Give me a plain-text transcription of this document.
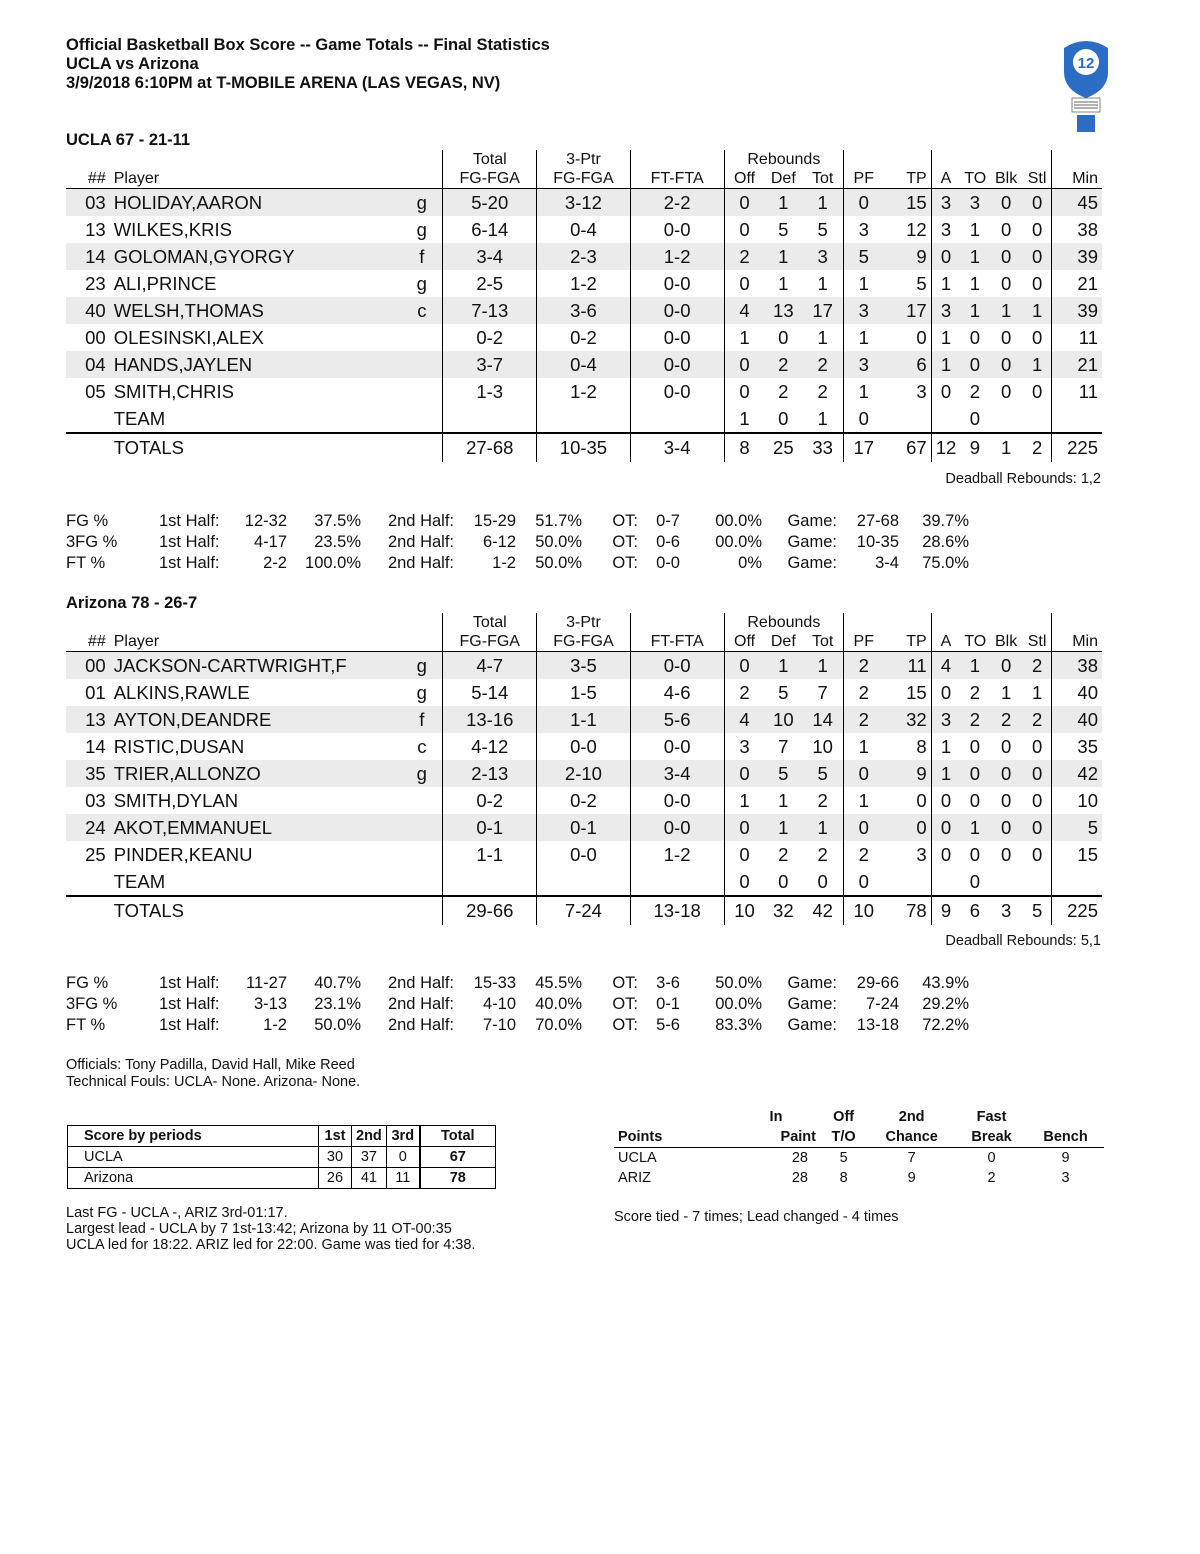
Official Basketball Box Score -- Game Totals -- Final Statistics
UCLA vs Arizona
3/9/2018 6:10PM at T-MOBILE ARENA (LAS VEGAS, NV)
12
UCLA 67 - 21-11
			Total	3-Ptr		Rebounds									
##	Player		FG-FGA	FG-FGA	FT-FTA	Off	Def	Tot	PF	TP	A	TO	Blk	Stl	Min
03	HOLIDAY,AARON	g	5-20	3-12	2-2	0	1	1	0	15	3	3	0	0	45
13	WILKES,KRIS	g	6-14	0-4	0-0	0	5	5	3	12	3	1	0	0	38
14	GOLOMAN,GYORGY	f	3-4	2-3	1-2	2	1	3	5	9	0	1	0	0	39
23	ALI,PRINCE	g	2-5	1-2	0-0	0	1	1	1	5	1	1	0	0	21
40	WELSH,THOMAS	c	7-13	3-6	0-0	4	13	17	3	17	3	1	1	1	39
00	OLESINSKI,ALEX		0-2	0-2	0-0	1	0	1	1	0	1	0	0	0	11
04	HANDS,JAYLEN		3-7	0-4	0-0	0	2	2	3	6	1	0	0	1	21
05	SMITH,CHRIS		1-3	1-2	0-0	0	2	2	1	3	0	2	0	0	11
	TEAM					1	0	1	0			0			
	TOTALS		27-68	10-35	3-4	8	25	33	17	67	12	9	1	2	225
Deadball Rebounds: 1,2
FG %	1st Half:	12-32	37.5%	2nd Half:	15-29	51.7%	OT:	0-7	00.0%	Game:	27-68	39.7%
3FG %	1st Half:	4-17	23.5%	2nd Half:	6-12	50.0%	OT:	0-6	00.0%	Game:	10-35	28.6%
FT %	1st Half:	2-2	100.0%	2nd Half:	1-2	50.0%	OT:	0-0	0%	Game:	3-4	75.0%
Arizona 78 - 26-7
			Total	3-Ptr		Rebounds									
##	Player		FG-FGA	FG-FGA	FT-FTA	Off	Def	Tot	PF	TP	A	TO	Blk	Stl	Min
00	JACKSON-CARTWRIGHT,F	g	4-7	3-5	0-0	0	1	1	2	11	4	1	0	2	38
01	ALKINS,RAWLE	g	5-14	1-5	4-6	2	5	7	2	15	0	2	1	1	40
13	AYTON,DEANDRE	f	13-16	1-1	5-6	4	10	14	2	32	3	2	2	2	40
14	RISTIC,DUSAN	c	4-12	0-0	0-0	3	7	10	1	8	1	0	0	0	35
35	TRIER,ALLONZO	g	2-13	2-10	3-4	0	5	5	0	9	1	0	0	0	42
03	SMITH,DYLAN		0-2	0-2	0-0	1	1	2	1	0	0	0	0	0	10
24	AKOT,EMMANUEL		0-1	0-1	0-0	0	1	1	0	0	0	1	0	0	5
25	PINDER,KEANU		1-1	0-0	1-2	0	2	2	2	3	0	0	0	0	15
	TEAM					0	0	0	0			0			
	TOTALS		29-66	7-24	13-18	10	32	42	10	78	9	6	3	5	225
Deadball Rebounds: 5,1
FG %	1st Half:	11-27	40.7%	2nd Half:	15-33	45.5%	OT:	3-6	50.0%	Game:	29-66	43.9%
3FG %	1st Half:	3-13	23.1%	2nd Half:	4-10	40.0%	OT:	0-1	00.0%	Game:	7-24	29.2%
FT %	1st Half:	1-2	50.0%	2nd Half:	7-10	70.0%	OT:	5-6	83.3%	Game:	13-18	72.2%
Officials: Tony Padilla, David Hall, Mike Reed
Technical Fouls: UCLA- None. Arizona- None.
Score by periods	1st	2nd	3rd	Total
UCLA	30	37	0	67
Arizona	26	41	11	78
	In	Off	2nd	Fast	
Points	Paint	T/O	Chance	Break	Bench
UCLA	28	5	7	0	9
ARIZ	28	8	9	2	3
Last FG - UCLA -, ARIZ 3rd-01:17.
Largest lead - UCLA by 7 1st-13:42; Arizona by 11 OT-00:35
UCLA led for 18:22. ARIZ led for 22:00. Game was tied for 4:38.
Score tied - 7 times; Lead changed - 4 times
